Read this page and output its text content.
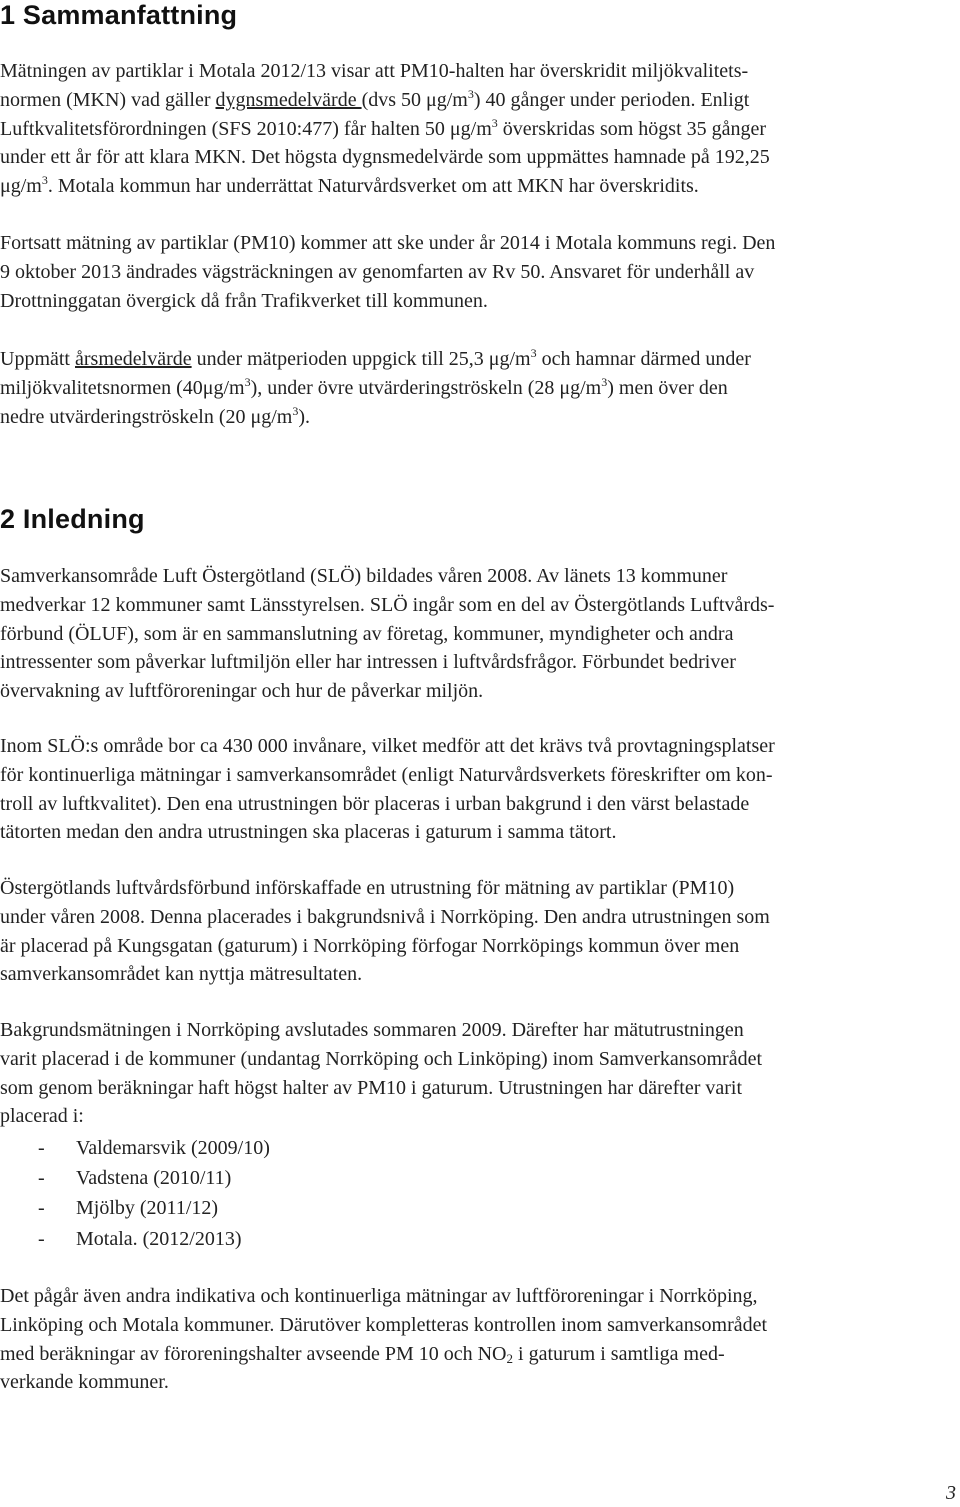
1 Sammanfattning
Mätningen av partiklar i Motala 2012/13 visar att PM10-halten har överskridit miljökvalitets-
normen (MKN) vad gäller dygnsmedelvärde (dvs 50 $\mu g/m^3$) 40 gånger under perioden. Enligt
Luftkvalitetsförordningen (SFS 2010:477) får halten 50 $\mu g/m^3$ överskridas som högst 35 gånger
under ett år för att klara MKN. Det högsta dygnsmedelvärde som uppmättes hamnade på 192,25
$\mu g/m^3$. Motala kommun har underrättat Naturvårdsverket om att MKN har överskridits.
Fortsatt mätning av partiklar (PM10) kommer att ske under år 2014 i Motala kommuns regi. Den
9 oktober 2013 ändrades vägsträckningen av genomfarten av Rv 50. Ansvaret för underhåll av
Drottninggatan övergick då från Trafikverket till kommunen.
Uppmätt årsmedelvärde under mätperioden uppgick till 25,3 $\mu g/m^3$ och hamnar därmed under
miljökvalitetsnormen $(40\mu g/m^3)$, under övre utvärderingströskeln (28 $\mu g/m^3$) men över den
nedre utvärderingströskeln (20 $\mu g/m^3$).
2 Inledning
Samverkansområde Luft Östergötland (SLÖ) bildades våren 2008. Av länets 13 kommuner
medverkar 12 kommuner samt Länsstyrelsen. SLÖ ingår som en del av Östergötlands Luftvårds-
förbund (ÖLUF), som är en sammanslutning av företag, kommuner, myndigheter och andra
intressenter som påverkar luftmiljön eller har intressen i luftvårdsfrågor. Förbundet bedriver
övervakning av luftföroreningar och hur de påverkar miljön.
Inom SLÖ:s område bor ca 430 000 invånare, vilket medför att det krävs två provtagningsplatser
för kontinuerliga mätningar i samverkansområdet (enligt Naturvårdsverkets föreskrifter om kon-
troll av luftkvalitet). Den ena utrustningen bör placeras i urban bakgrund i den värst belastade
tätorten medan den andra utrustningen ska placeras i gaturum i samma tätort.
Östergötlands luftvårdsförbund införskaffade en utrustning för mätning av partiklar (PM10)
under våren 2008. Denna placerades i bakgrundsnivå i Norrköping. Den andra utrustningen som
är placerad på Kungsgatan (gaturum) i Norrköping förfogar Norrköpings kommun över men
samverkansområdet kan nyttja mätresultaten.
Bakgrundsmätningen i Norrköping avslutades sommaren 2009. Därefter har mätutrustningen
varit placerad i de kommuner (undantag Norrköping och Linköping) inom Samverkansområdet
som genom beräkningar haft högst halter av PM10 i gaturum. Utrustningen har därefter varit
placerad i:
- Valdemarsvik (2009/10)
- Vadstena (2010/11)
- Mjölby (2011/12)
- Motala. (2012/2013)
Det pågår även andra indikativa och kontinuerliga mätningar av luftföroreningar i Norrköping,
Linköping och Motala kommuner. Därutöver kompletteras kontrollen inom samverkansområdet
med beräkningar av föroreningshalter avseende PM 10 och $NO_2$ i gaturum i samtliga med-
verkande kommuner.
3
